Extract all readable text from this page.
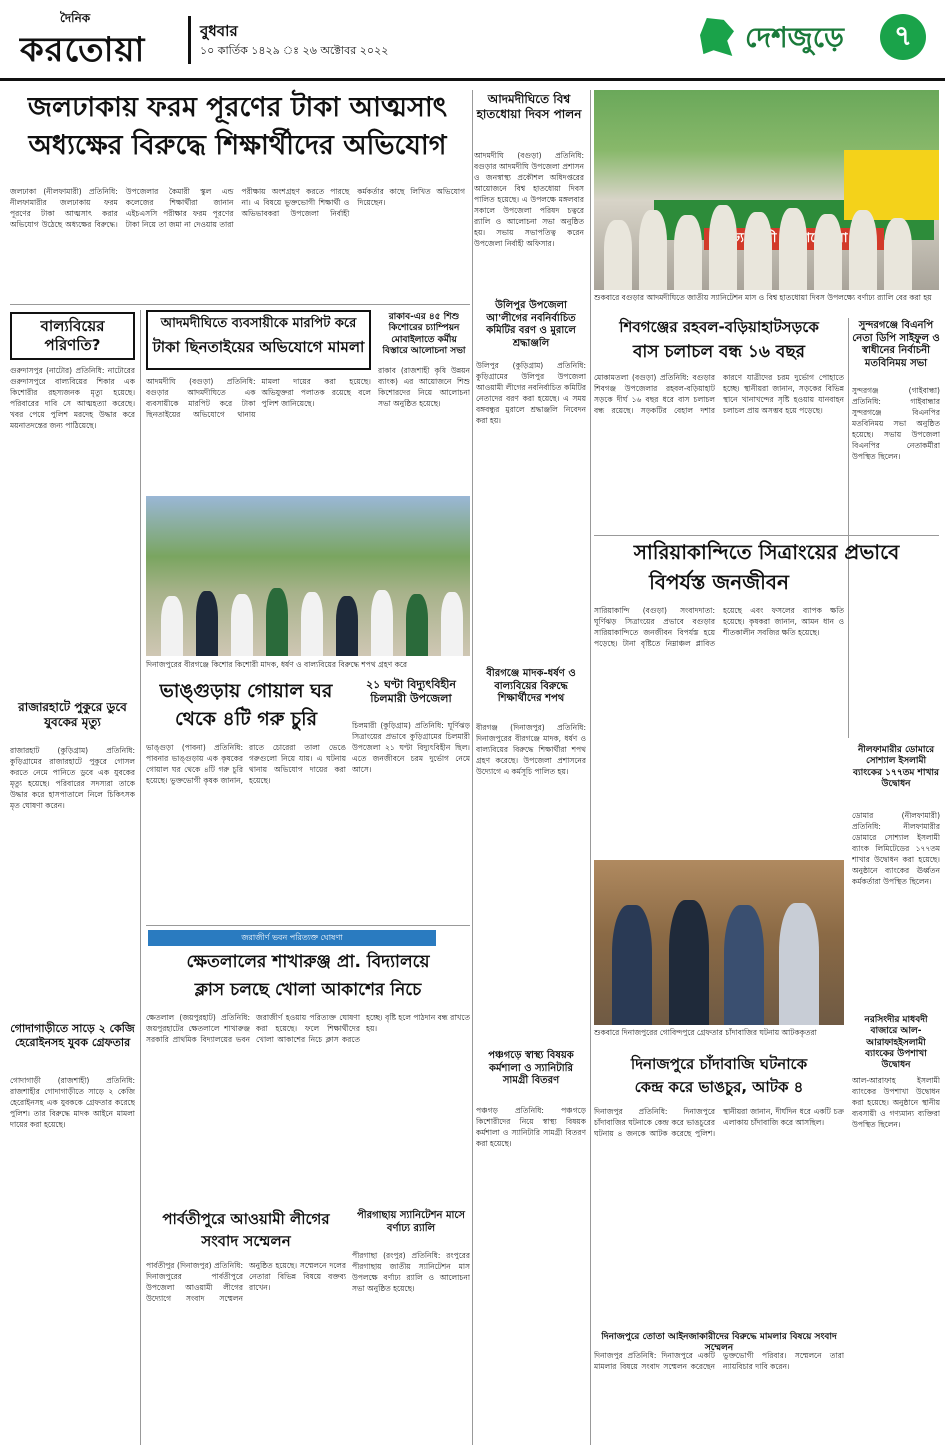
দৈনিক
করতোয়া	বুধবার
১০ কার্তিক ১৪২৯ ঃ ২৬ অক্টোবর ২০২২	দেশজুড়ে	৭
জলঢাকায় ফরম পূরণের টাকা আত্মসাৎ
অধ্যক্ষের বিরুদ্ধে শিক্ষার্থীদের অভিযোগ
জলঢাকা (নীলফামারী) প্রতিনিধি: নীলফামারীর জলঢাকায় ফরম পূরণের টাকা আত্মসাৎ করার অভিযোগ উঠেছে অধ্যক্ষের বিরুদ্ধে। উপজেলার কৈমারী স্কুল এন্ড কলেজের শিক্ষার্থীরা জানান এইচএসসি পরীক্ষার ফরম পূরণের টাকা নিয়ে তা জমা না দেওয়ায় তারা পরীক্ষায় অংশগ্রহণ করতে পারছে না। এ বিষয়ে ভুক্তভোগী শিক্ষার্থী ও অভিভাবকরা উপজেলা নির্বাহী কর্মকর্তার কাছে লিখিত অভিযোগ দিয়েছেন।
আদমদীঘিতে বিশ্ব হাতধোয়া দিবস পালন
আদমদীঘি (বগুড়া) প্রতিনিধি: বগুড়ার আদমদীঘি উপজেলা প্রশাসন ও জনস্বাস্থ্য প্রকৌশল অধিদপ্তরের আয়োজনে বিশ্ব হাতধোয়া দিবস পালিত হয়েছে। এ উপলক্ষে মঙ্গলবার সকালে উপজেলা পরিষদ চত্বরে র‌্যালি ও আলোচনা সভা অনুষ্ঠিত হয়। সভায় সভাপতিত্ব করেন উপজেলা নির্বাহী অফিসার।
শুকবারে বগুড়ার আদমদীঘিতে জাতীয় স্যানিটেশন মাস ও বিশ্ব হাতধোয়া দিবস উপলক্ষ্যে বর্ণাঢ্য র‌্যালি বের করা হয়
শিবগঞ্জের রহবল-বড়িয়াহাটসড়কে
বাস চলাচল বন্ধ ১৬ বছর
মোকামতলা (বগুড়া) প্রতিনিধি: বগুড়ার শিবগঞ্জ উপজেলার রহবল-বড়িয়াহাট সড়কে দীর্ঘ ১৬ বছর ধরে বাস চলাচল বন্ধ রয়েছে। সড়কটির বেহাল দশার কারণে যাত্রীদের চরম দুর্ভোগ পোহাতে হচ্ছে। স্থানীয়রা জানান, সড়কের বিভিন্ন স্থানে খানাখন্দের সৃষ্টি হওয়ায় যানবাহন চলাচল প্রায় অসম্ভব হয়ে পড়েছে।
সুন্দরগঞ্জে বিএনপি নেতা ডিপি সাইফুল ও স্বাধীনের নির্বাচনী মতবিনিময় সভা
সুন্দরগঞ্জ (গাইবান্ধা) প্রতিনিধি: গাইবান্ধার সুন্দরগঞ্জে বিএনপির মতবিনিময় সভা অনুষ্ঠিত হয়েছে। সভায় উপজেলা বিএনপির নেতাকর্মীরা উপস্থিত ছিলেন।
বাল্যবিয়ের পরিণতি?
গুরুদাসপুর (নাটোর) প্রতিনিধি: নাটোরের গুরুদাসপুরে বাল্যবিয়ের শিকার এক কিশোরীর রহস্যজনক মৃত্যু হয়েছে। পরিবারের দাবি সে আত্মহত্যা করেছে। খবর পেয়ে পুলিশ মরদেহ উদ্ধার করে ময়নাতদন্তের জন্য পাঠিয়েছে।
আদমদীঘিতে ব্যবসায়ীকে মারপিট করে
টাকা ছিনতাইয়ের অভিযোগে মামলা
আদমদীঘি (বগুড়া) প্রতিনিধি: বগুড়ার আদমদীঘিতে এক ব্যবসায়ীকে মারপিট করে টাকা ছিনতাইয়ের অভিযোগে থানায় মামলা দায়ের করা হয়েছে। অভিযুক্তরা পলাতক রয়েছে বলে পুলিশ জানিয়েছে।
রাকাব-এর ৪৫ শিশু কিশোরের চ্যাম্পিয়ন মোবাইলাতে কর্মীয় বিস্তারে আলোচনা সভা
রাকাব (রাজশাহী কৃষি উন্নয়ন ব্যাংক) এর আয়োজনে শিশু কিশোরদের নিয়ে আলোচনা সভা অনুষ্ঠিত হয়েছে।
উলিপুর উপজেলা আ'লীগের নবনির্বাচিত কমিটির বরণ ও মুরালে শ্রদ্ধাঞ্জলি
উলিপুর (কুড়িগ্রাম) প্রতিনিধি: কুড়িগ্রামের উলিপুর উপজেলা আওয়ামী লীগের নবনির্বাচিত কমিটির নেতাদের বরণ করা হয়েছে। এ সময় বঙ্গবন্ধুর মুরালে শ্রদ্ধাঞ্জলি নিবেদন করা হয়।
দিনাজপুরের বীরগঞ্জে কিশোর কিশোরী মাদক, ধর্ষণ ও বাল্যবিয়ের বিরুদ্ধে শপথ গ্রহণ করে
বীরগঞ্জে মাদক-ধর্ষণ ও বাল্যবিয়ের বিরুদ্ধে শিক্ষার্থীদের শপথ
বীরগঞ্জ (দিনাজপুর) প্রতিনিধি: দিনাজপুরের বীরগঞ্জে মাদক, ধর্ষণ ও বাল্যবিয়ের বিরুদ্ধে শিক্ষার্থীরা শপথ গ্রহণ করেছে। উপজেলা প্রশাসনের উদ্যোগে এ কর্মসূচি পালিত হয়।
সারিয়াকান্দিতে সিত্রাংয়ের প্রভাবে
বিপর্যস্ত জনজীবন
সারিয়াকান্দি (বগুড়া) সংবাদদাতা: ঘূর্ণিঝড় সিত্রাংয়ের প্রভাবে বগুড়ার সারিয়াকান্দিতে জনজীবন বিপর্যস্ত হয়ে পড়েছে। টানা বৃষ্টিতে নিম্নাঞ্চল প্লাবিত হয়েছে এবং ফসলের ব্যাপক ক্ষতি হয়েছে। কৃষকরা জানান, আমন ধান ও শীতকালীন সবজির ক্ষতি হয়েছে।
নীলফামারীর ডোমারে সোশ্যাল ইসলামী ব্যাংকের ১৭৭তম শাখার উদ্বোধন
ডোমার (নীলফামারী) প্রতিনিধি: নীলফামারীর ডোমারে সোশ্যাল ইসলামী ব্যাংক লিমিটেডের ১৭৭তম শাখার উদ্বোধন করা হয়েছে। অনুষ্ঠানে ব্যাংকের ঊর্ধ্বতন কর্মকর্তারা উপস্থিত ছিলেন।
ভাঙ্গুড়ায় গোয়াল ঘর
থেকে ৪টি গরু চুরি
ভাঙ্গুড়া (পাবনা) প্রতিনিধি: পাবনার ভাঙ্গুড়ায় এক কৃষকের গোয়াল ঘর থেকে ৪টি গরু চুরি হয়েছে। ভুক্তভোগী কৃষক জানান, রাতে চোরেরা তালা ভেঙে গরুগুলো নিয়ে যায়। এ ঘটনায় থানায় অভিযোগ দায়ের করা হয়েছে।
২১ ঘণ্টা বিদ্যুৎবিহীন চিলমারী উপজেলা
চিলমারী (কুড়িগ্রাম) প্রতিনিধি: ঘূর্ণিঝড় সিত্রাংয়ের প্রভাবে কুড়িগ্রামের চিলমারী উপজেলা ২১ ঘণ্টা বিদ্যুৎবিহীন ছিল। এতে জনজীবনে চরম দুর্ভোগ নেমে আসে।
রাজারহাটে পুকুরে ডুবে যুবকের মৃত্যু
রাজারহাট (কুড়িগ্রাম) প্রতিনিধি: কুড়িগ্রামের রাজারহাটে পুকুরে গোসল করতে নেমে পানিতে ডুবে এক যুবকের মৃত্যু হয়েছে। পরিবারের সদস্যরা তাকে উদ্ধার করে হাসপাতালে নিলে চিকিৎসক মৃত ঘোষণা করেন।
জরাজীর্ণ ভবন পরিত্যক্ত ঘোষণা
ক্ষেতলালের শাখারুঞ্জ প্রা. বিদ্যালয়ে
ক্লাস চলছে খোলা আকাশের নিচে
ক্ষেতলাল (জয়পুরহাট) প্রতিনিধি: জয়পুরহাটের ক্ষেতলালে শাখারুঞ্জ সরকারি প্রাথমিক বিদ্যালয়ের ভবন জরাজীর্ণ হওয়ায় পরিত্যক্ত ঘোষণা করা হয়েছে। ফলে শিক্ষার্থীদের খোলা আকাশের নিচে ক্লাস করতে হচ্ছে। বৃষ্টি হলে পাঠদান বন্ধ রাখতে হয়।
গোদাগাড়ীতে সাড়ে ২ কেজি হেরোইনসহ যুবক গ্রেফতার
গোদাগাড়ী (রাজশাহী) প্রতিনিধি: রাজশাহীর গোদাগাড়ীতে সাড়ে ২ কেজি হেরোইনসহ এক যুবককে গ্রেফতার করেছে পুলিশ। তার বিরুদ্ধে মাদক আইনে মামলা দায়ের করা হয়েছে।
পার্বতীপুরে আওয়ামী লীগের
সংবাদ সম্মেলন
পার্বতীপুর (দিনাজপুর) প্রতিনিধি: দিনাজপুরের পার্বতীপুরে উপজেলা আওয়ামী লীগের উদ্যোগে সংবাদ সম্মেলন অনুষ্ঠিত হয়েছে। সম্মেলনে দলের নেতারা বিভিন্ন বিষয়ে বক্তব্য রাখেন।
পীরগাছায় স্যানিটেশন মাসে বর্ণাঢ্য র‌্যালি
পীরগাছা (রংপুর) প্রতিনিধি: রংপুরের পীরগাছায় জাতীয় স্যানিটেশন মাস উপলক্ষে বর্ণাঢ্য র‌্যালি ও আলোচনা সভা অনুষ্ঠিত হয়েছে।
পঞ্চগড়ে স্বাস্থ্য বিষয়ক কর্মশালা ও স্যানিটারি সামগ্রী বিতরণ
পঞ্চগড় প্রতিনিধি: পঞ্চগড়ে কিশোরীদের নিয়ে স্বাস্থ্য বিষয়ক কর্মশালা ও স্যানিটারি সামগ্রী বিতরণ করা হয়েছে।
শুকবারে দিনাজপুরের গোবিন্দপুরে গ্রেফতার চাঁদাবাজির ঘটনায় আটককৃতরা
দিনাজপুরে চাঁদাবাজি ঘটনাকে
কেন্দ্র করে ভাঙচুর, আটক ৪
দিনাজপুর প্রতিনিধি: দিনাজপুরে চাঁদাবাজির ঘটনাকে কেন্দ্র করে ভাঙচুরের ঘটনায় ৪ জনকে আটক করেছে পুলিশ। স্থানীয়রা জানান, দীর্ঘদিন ধরে একটি চক্র এলাকায় চাঁদাবাজি করে আসছিল।
নরসিংদীর মাধবদী বাজারে আল-আরাফাহইসলামী ব্যাংকের উপশাখা উদ্বোধন
আল-আরাফাহ ইসলামী ব্যাংকের উপশাখা উদ্বোধন করা হয়েছে। অনুষ্ঠানে স্থানীয় ব্যবসায়ী ও গণ্যমান্য ব্যক্তিরা উপস্থিত ছিলেন।
দিনাজপুরে তোতা আইনজাকারীদের বিরুদ্ধে মামলার বিষয়ে সংবাদ সম্মেলন
দিনাজপুর প্রতিনিধি: দিনাজপুরে একটি মামলার বিষয়ে সংবাদ সম্মেলন করেছেন ভুক্তভোগী পরিবার। সম্মেলনে তারা ন্যায়বিচার দাবি করেন।
